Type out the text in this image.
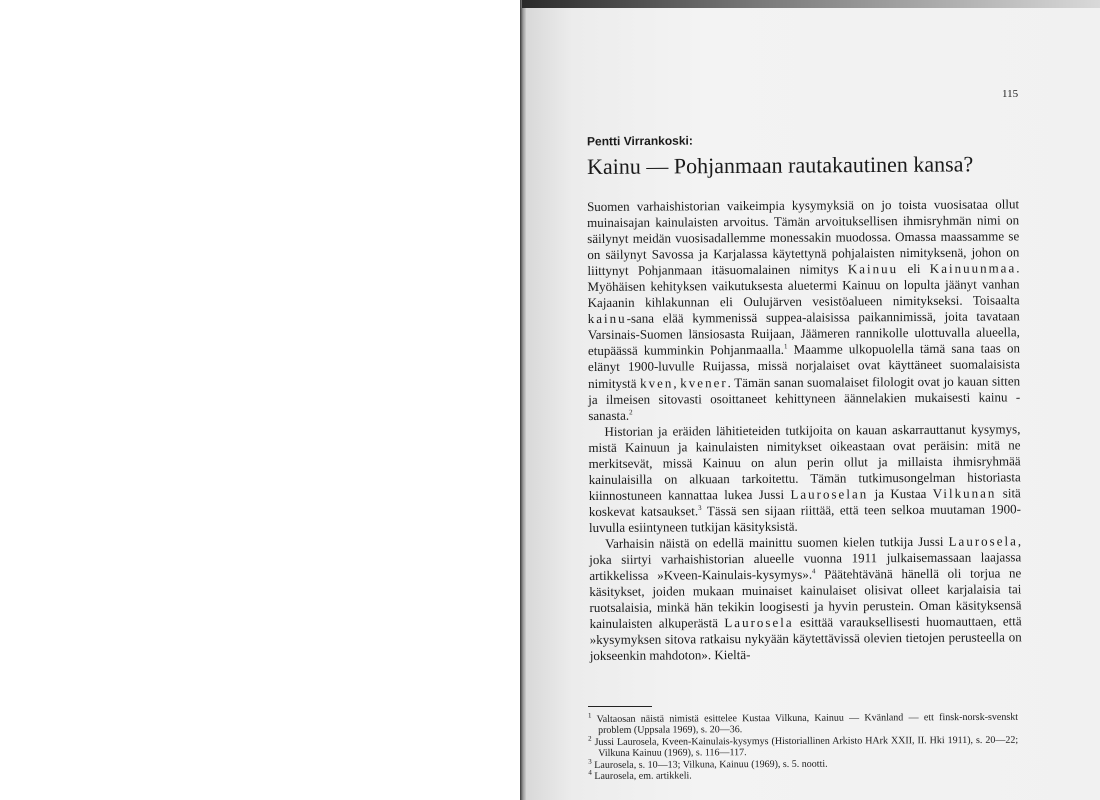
115
Pentti Virrankoski:
Kainu — Pohjanmaan rautakautinen kansa?

Suomen varhaishistorian vaikeimpia kysymyksiä on jo toista vuosisataa ollut muinaisajan kainulaisten arvoitus. Tämän arvoituksellisen ihmisryhmän nimi on säilynyt meidän vuosisadallemme monessakin muodossa. Omassa maassamme se on säilynyt Savossa ja Karjalassa käytettynä pohjalaisten nimityksenä, johon on liittynyt Pohjanmaan itäsuomalainen nimitys Kainuu eli Kainuunmaa. Myöhäisen kehityksen vaikutuksesta aluetermi Kainuu on lopulta jäänyt vanhan Kajaanin kihlakunnan eli Oulujärven vesistöalueen nimitykseksi. Toisaalta kainu-sana elää kymmenissä suppea-alaisissa paikannimissä, joita tavataan Varsinais-Suomen länsiosasta Ruijaan, Jäämeren rannikolle ulottuvalla alueella, etupäässä kumminkin Pohjanmaalla.$^1$ Maamme ulkopuolella tämä sana taas on elänyt 1900-luvulle Ruijassa, missä norjalaiset ovat käyttäneet suomalaisista nimitystä kven, kvener. Tämän sanan suomalaiset filologit ovat jo kauan sitten ja ilmeisen sitovasti osoittaneet kehittyneen äännelakien mukaisesti kainu -sanasta.$^2$

Historian ja eräiden lähitieteiden tutkijoita on kauan askarrauttanut kysymys, mistä Kainuun ja kainulaisten nimitykset oikeastaan ovat peräisin: mitä ne merkitsevät, missä Kainuu on alun perin ollut ja millaista ihmisryhmää kainulaisilla on alkuaan tarkoitettu. Tämän tutkimusongelman historiasta kiinnostuneen kannattaa lukea Jussi Lauroselan ja Kustaa Vilkunan sitä koskevat katsaukset.$^3$ Tässä sen sijaan riittää, että teen selkoa muutaman 1900-luvulla esiintyneen tutkijan käsityksistä.

Varhaisin näistä on edellä mainittu suomen kielen tutkija Jussi Laurosela, joka siirtyi varhaishistorian alueelle vuonna 1911 julkaisemassaan laajassa artikkelissa »Kveen-Kainulais-kysymys».$^4$ Päätehtävänä hänellä oli torjua ne käsitykset, joiden mukaan muinaiset kainulaiset olisivat olleet karjalaisia tai ruotsalaisia, minkä hän tekikin loogisesti ja hyvin perustein. Oman käsityksensä kainulaisten alkuperästä Laurosela esittää varauksellisesti huomauttaen, että »kysymyksen sitova ratkaisu nykyään käytettävissä olevien tietojen perusteella on jokseenkin mahdoton». Kieltä-

$^1$ Valtaosan näistä nimistä esittelee Kustaa Vilkuna, Kainuu — Kvänland — ett finsk-norsk-svenskt problem (Uppsala 1969), s. 20—36.

$^2$ Jussi Laurosela, Kveen-Kainulais-kysymys (Historiallinen Arkisto HArk XXII, II. Hki 1911), s. 20—22; Vilkuna Kainuu (1969), s. 116—117.

$^3$ Laurosela, s. 10—13; Vilkuna, Kainuu (1969), s. 5. nootti.

$^4$ Laurosela, em. artikkeli.
